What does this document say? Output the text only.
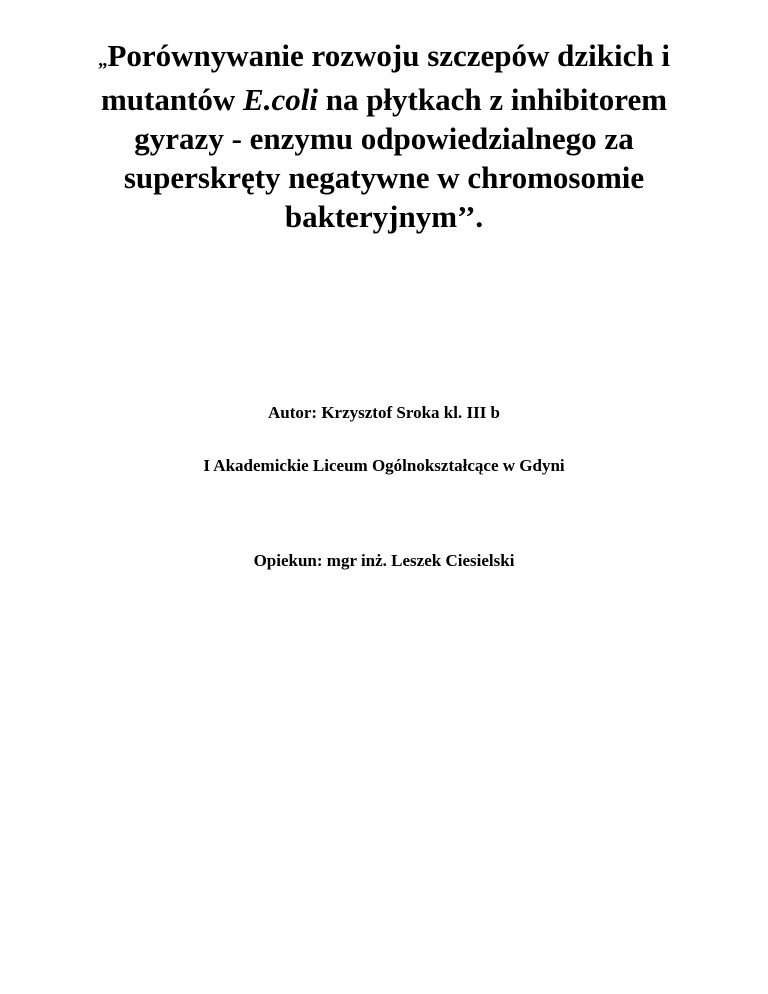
„Porównywanie rozwoju szczepów dzikich i
mutantów E.coli na płytkach z inhibitorem
gyrazy - enzymu odpowiedzialnego za
superskręty negatywne w chromosomie
bakteryjnym’’.

Autor: Krzysztof Sroka kl. III b

I Akademickie Liceum Ogólnokształcące w Gdyni

Opiekun: mgr inż. Leszek Ciesielski
